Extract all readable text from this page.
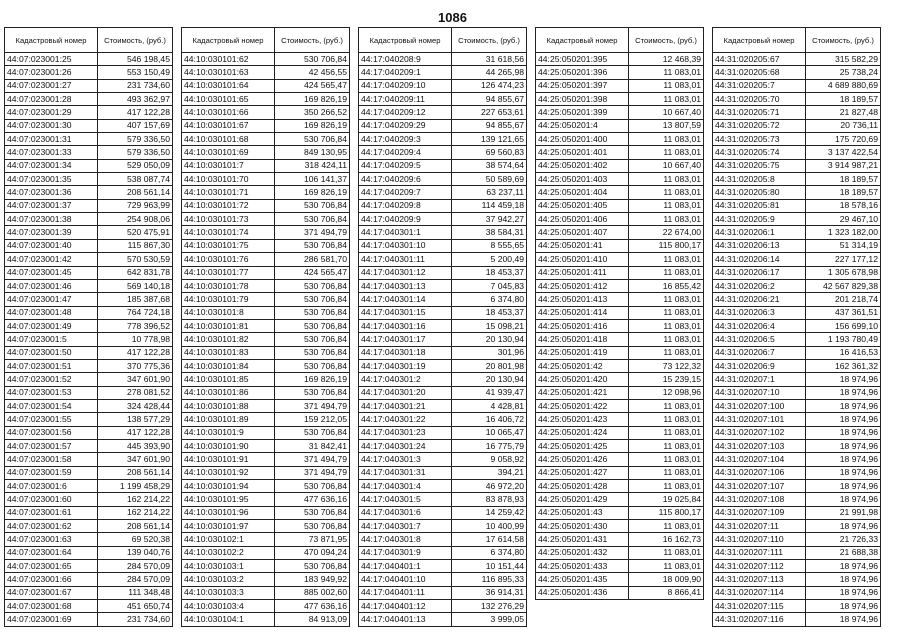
1086
Кадастровый номер	Стоимость, (руб.)
44:07:023001:25	546 198,45
44:07:023001:26	553 150,49
44:07:023001:27	231 734,60
44:07:023001:28	493 362,97
44:07:023001:29	417 122,28
44:07:023001:30	407 157,69
44:07:023001:31	579 336,50
44:07:023001:33	579 336,50
44:07:023001:34	529 050,09
44:07:023001:35	538 087,74
44:07:023001:36	208 561,14
44:07:023001:37	729 963,99
44:07:023001:38	254 908,06
44:07:023001:39	520 475,91
44:07:023001:40	115 867,30
44:07:023001:42	570 530,59
44:07:023001:45	642 831,78
44:07:023001:46	569 140,18
44:07:023001:47	185 387,68
44:07:023001:48	764 724,18
44:07:023001:49	778 396,52
44:07:023001:5	10 778,98
44:07:023001:50	417 122,28
44:07:023001:51	370 775,36
44:07:023001:52	347 601,90
44:07:023001:53	278 081,52
44:07:023001:54	324 428,44
44:07:023001:55	138 577,29
44:07:023001:56	417 122,28
44:07:023001:57	445 393,90
44:07:023001:58	347 601,90
44:07:023001:59	208 561,14
44:07:023001:6	1 199 458,29
44:07:023001:60	162 214,22
44:07:023001:61	162 214,22
44:07:023001:62	208 561,14
44:07:023001:63	69 520,38
44:07:023001:64	139 040,76
44:07:023001:65	284 570,09
44:07:023001:66	284 570,09
44:07:023001:67	111 348,48
44:07:023001:68	451 650,74
44:07:023001:69	231 734,60
Кадастровый номер	Стоимость, (руб.)
44:10:030101:62	530 706,84
44:10:030101:63	42 456,55
44:10:030101:64	424 565,47
44:10:030101:65	169 826,19
44:10:030101:66	350 266,52
44:10:030101:67	169 826,19
44:10:030101:68	530 706,84
44:10:030101:69	849 130,95
44:10:030101:7	318 424,11
44:10:030101:70	106 141,37
44:10:030101:71	169 826,19
44:10:030101:72	530 706,84
44:10:030101:73	530 706,84
44:10:030101:74	371 494,79
44:10:030101:75	530 706,84
44:10:030101:76	286 581,70
44:10:030101:77	424 565,47
44:10:030101:78	530 706,84
44:10:030101:79	530 706,84
44:10:030101:8	530 706,84
44:10:030101:81	530 706,84
44:10:030101:82	530 706,84
44:10:030101:83	530 706,84
44:10:030101:84	530 706,84
44:10:030101:85	169 826,19
44:10:030101:86	530 706,84
44:10:030101:88	371 494,79
44:10:030101:89	159 212,05
44:10:030101:9	530 706,84
44:10:030101:90	31 842,41
44:10:030101:91	371 494,79
44:10:030101:92	371 494,79
44:10:030101:94	530 706,84
44:10:030101:95	477 636,16
44:10:030101:96	530 706,84
44:10:030101:97	530 706,84
44:10:030102:1	73 871,95
44:10:030102:2	470 094,24
44:10:030103:1	530 706,84
44:10:030103:2	183 949,92
44:10:030103:3	885 002,60
44:10:030103:4	477 636,16
44:10:030104:1	84 913,09
Кадастровый номер	Стоимость, (руб.)
44:17:040208:9	31 618,56
44:17:040209:1	44 265,98
44:17:040209:10	126 474,23
44:17:040209:11	94 855,67
44:17:040209:12	227 653,61
44:17:040209:29	94 855,67
44:17:040209:3	139 121,65
44:17:040209:4	69 560,83
44:17:040209:5	38 574,64
44:17:040209:6	50 589,69
44:17:040209:7	63 237,11
44:17:040209:8	114 459,18
44:17:040209:9	37 942,27
44:17:040301:1	38 584,31
44:17:040301:10	8 555,65
44:17:040301:11	5 200,49
44:17:040301:12	18 453,37
44:17:040301:13	7 045,83
44:17:040301:14	6 374,80
44:17:040301:15	18 453,37
44:17:040301:16	15 098,21
44:17:040301:17	20 130,94
44:17:040301:18	301,96
44:17:040301:19	20 801,98
44:17:040301:2	20 130,94
44:17:040301:20	41 939,47
44:17:040301:21	4 428,81
44:17:040301:22	16 406,72
44:17:040301:23	10 065,47
44:17:040301:24	16 775,79
44:17:040301:3	9 058,92
44:17:040301:31	394,21
44:17:040301:4	46 972,20
44:17:040301:5	83 878,93
44:17:040301:6	14 259,42
44:17:040301:7	10 400,99
44:17:040301:8	17 614,58
44:17:040301:9	6 374,80
44:17:040401:1	10 151,44
44:17:040401:10	116 895,33
44:17:040401:11	36 914,31
44:17:040401:12	132 276,29
44:17:040401:13	3 999,05
Кадастровый номер	Стоимость, (руб.)
44:25:050201:395	12 468,39
44:25:050201:396	11 083,01
44:25:050201:397	11 083,01
44:25:050201:398	11 083,01
44:25:050201:399	10 667,40
44:25:050201:4	13 807,59
44:25:050201:400	11 083,01
44:25:050201:401	11 083,01
44:25:050201:402	10 667,40
44:25:050201:403	11 083,01
44:25:050201:404	11 083,01
44:25:050201:405	11 083,01
44:25:050201:406	11 083,01
44:25:050201:407	22 674,00
44:25:050201:41	115 800,17
44:25:050201:410	11 083,01
44:25:050201:411	11 083,01
44:25:050201:412	16 855,42
44:25:050201:413	11 083,01
44:25:050201:414	11 083,01
44:25:050201:416	11 083,01
44:25:050201:418	11 083,01
44:25:050201:419	11 083,01
44:25:050201:42	73 122,32
44:25:050201:420	15 239,15
44:25:050201:421	12 098,96
44:25:050201:422	11 083,01
44:25:050201:423	11 083,01
44:25:050201:424	11 083,01
44:25:050201:425	11 083,01
44:25:050201:426	11 083,01
44:25:050201:427	11 083,01
44:25:050201:428	11 083,01
44:25:050201:429	19 025,84
44:25:050201:43	115 800,17
44:25:050201:430	11 083,01
44:25:050201:431	16 162,73
44:25:050201:432	11 083,01
44:25:050201:433	11 083,01
44:25:050201:435	18 009,90
44:25:050201:436	8 866,41
Кадастровый номер	Стоимость, (руб.)
44:31:020205:67	315 582,29
44:31:020205:68	25 738,24
44:31:020205:7	4 689 880,69
44:31:020205:70	18 189,57
44:31:020205:71	21 827,48
44:31:020205:72	20 736,11
44:31:020205:73	175 720,69
44:31:020205:74	3 137 422,54
44:31:020205:75	3 914 987,21
44:31:020205:8	18 189,57
44:31:020205:80	18 189,57
44:31:020205:81	18 578,16
44:31:020205:9	29 467,10
44:31:020206:1	1 323 182,00
44:31:020206:13	51 314,19
44:31:020206:14	227 177,12
44:31:020206:17	1 305 678,98
44:31:020206:2	42 567 829,38
44:31:020206:21	201 218,74
44:31:020206:3	437 361,51
44:31:020206:4	156 699,10
44:31:020206:5	1 193 780,49
44:31:020206:7	16 416,53
44:31:020206:9	162 361,32
44:31:020207:1	18 974,96
44:31:020207:10	18 974,96
44:31:020207:100	18 974,96
44:31:020207:101	18 974,96
44:31:020207:102	18 974,96
44:31:020207:103	18 974,96
44:31:020207:104	18 974,96
44:31:020207:106	18 974,96
44:31:020207:107	18 974,96
44:31:020207:108	18 974,96
44:31:020207:109	21 991,98
44:31:020207:11	18 974,96
44:31:020207:110	21 726,33
44:31:020207:111	21 688,38
44:31:020207:112	18 974,96
44:31:020207:113	18 974,96
44:31:020207:114	18 974,96
44:31:020207:115	18 974,96
44:31:020207:116	18 974,96
